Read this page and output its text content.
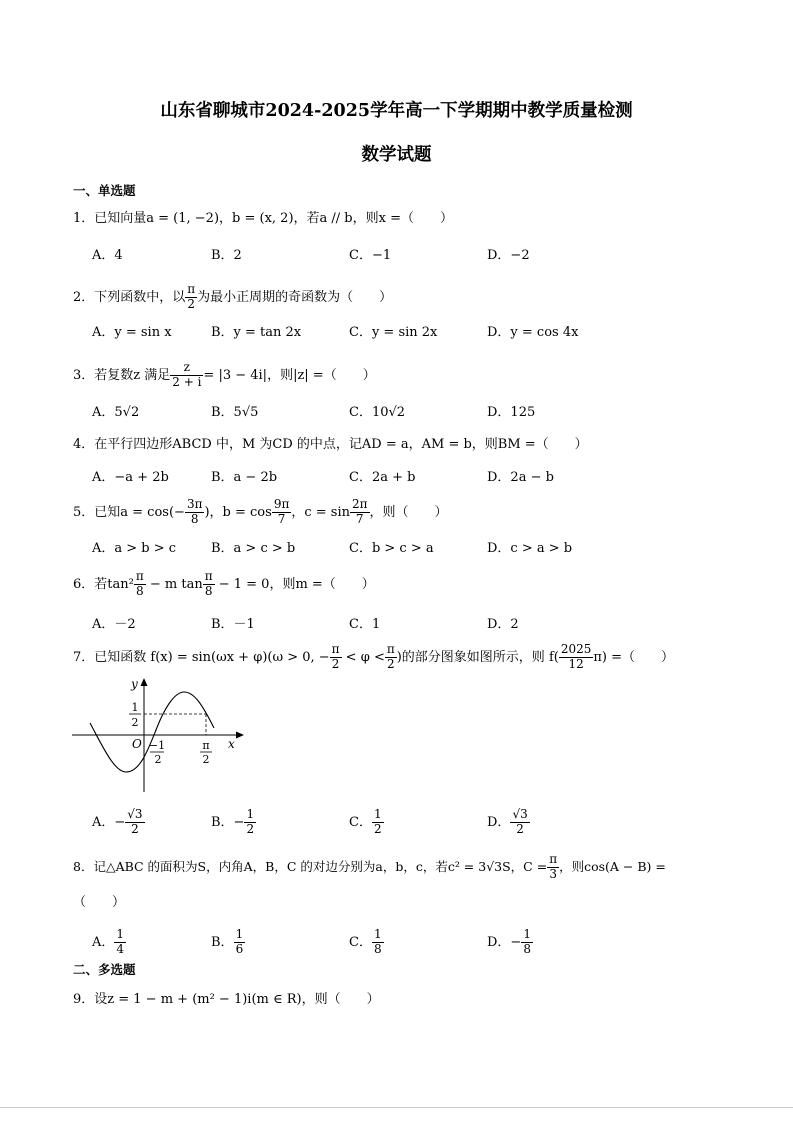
山东省聊城市2024-2025学年高一下学期期中教学质量检测
数学试题
一、单选题
1．已知向量a = (1, −2)，b = (x, 2)，若a // b，则x =（　　）
A．4	B．2	C．−1	D．−2
2．下列函数中，以 $\frac{\pi}{2}$ 为最小正周期的奇函数为（　　）
A．y = sin x	B．y = tan 2x	C．y = sin 2x	D．y = cos 4x
3．若复数z 满足 $\frac{z}{2 + i} = |3 - 4i|$，则|z| =（　　）
A．5√2	B．5√5	C．10√2	D．125
4．在平行四边形ABCD 中，M 为CD 的中点，记AD = a，AM = b，则BM =（　　）
A．−a + 2b	B．a − 2b	C．2a + b	D．2a − b
5．已知$a = \cos(- \frac{3\pi}{8}$ )，$b = \cos \frac{9\pi}{7}$ ，$c = \sin \frac{2\pi}{7}$ ，则（　　）
A．a > b > c	B．a > c > b	C．b > c > a	D．c > a > b
6．若$\tan^2 \frac{\pi}{8} - m$ $\tan \frac{\pi}{8} - 1 = 0$，则m =（　　）
A．－2	B．－1	C．1	D．2
7．已知函数 f(x) = sin(ωx + φ)(ω > 0, − $\frac{\pi}{2} < \varphi < \frac{\pi}{2}$ )的部分图象如图所示，则 $f( \frac{2025}{12} \pi)$ =（　　）
y
x
O
1
2
−1
2
π
2
A．− $\frac{√3}{2}$	B．− $\frac{1}{2}$	C． $\frac{1}{2}$	D． $\frac{√3}{2}$
8．记△ABC 的面积为S，内角A，B，C 的对边分别为a，b，c，若c² = 3√3S，$C = \frac{\pi}{3}$ ，则cos(A − B) =
（　　）
A． $\frac{1}{4}$	B． $\frac{1}{6}$	C． $\frac{1}{8}$	D．− $\frac{1}{8}$
二、多选题
9．设z = 1 − m + (m² − 1)i(m ∈ R)，则（　　）
